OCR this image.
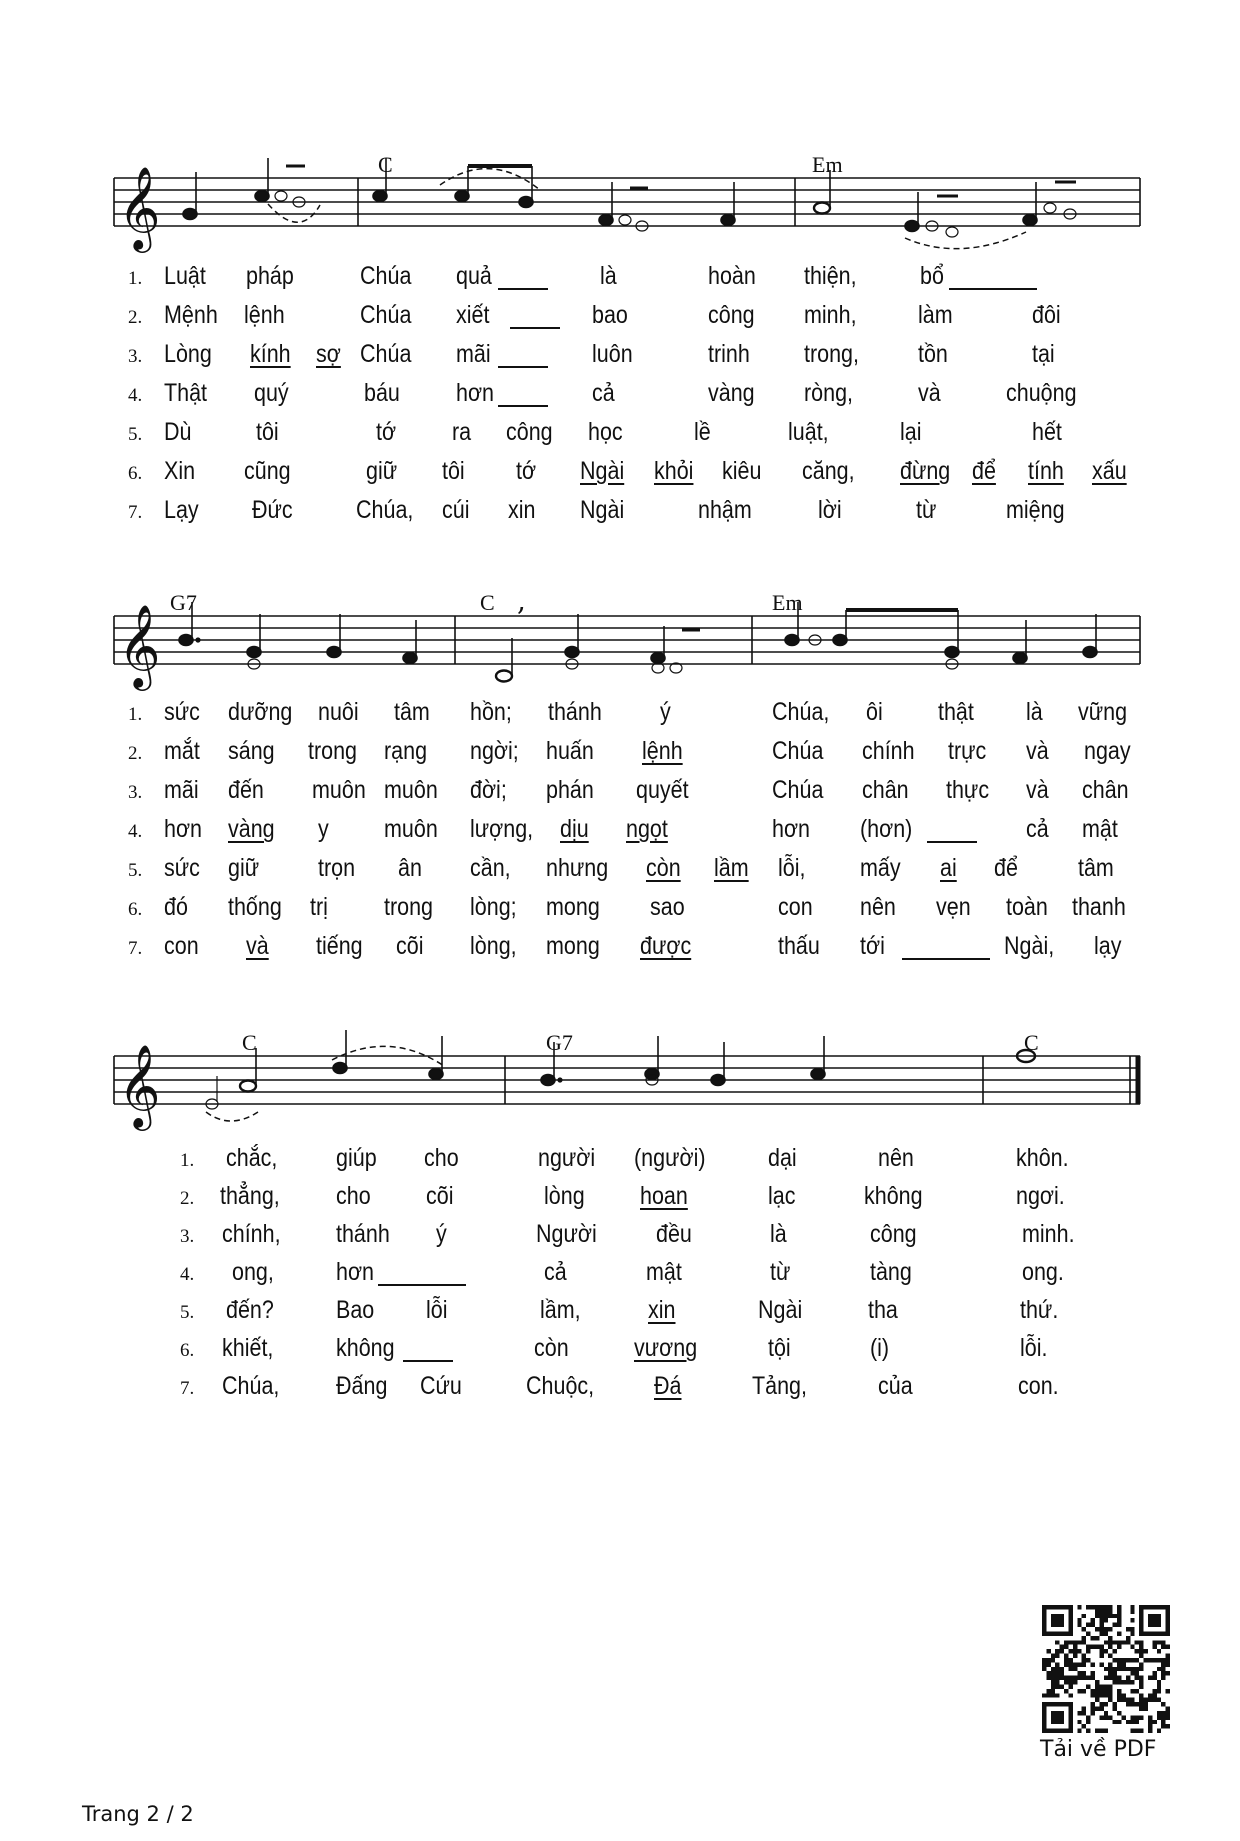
𝄞
1. Luật pháp	Chúa quả	là	hoàn thiện,	bổ
2. Mệnh lệnh	Chúa xiết	bao	công minh, làm	đôi
3. Lòng kính sợ Chúa mãi	luôn	trinh trong, tồn	tại
4. Thật quý	báu hơn	cả	vàng ròng,	và	chuộng
5. Dù	tôi	tớ ra công học	lề	luật,	lại	hết
6. Xin cũng	giữ tôi tớ Ngài khỏi kiêu căng, đừng để tính xấu
7. Lạy Đức	Chúa, cúi xin Ngài	nhậm	lời	từ	miệng
𝄞
,
1. sức dưỡng nuôi tâm hồn; thánh ý	Chúa, ôi thật là vững
2. mắt sáng trong rạng ngời; huấn lệnh	Chúa chính trực và ngay
3. mãi đến muôn muôn đời; phán quyết	Chúa chân thực và chân
4. hơn vàng y muôn lượng, dịu ngọt	hơn (hơn)	cả mật
5. sức giữ trọn ân cần, nhưng còn lầm lỗi, mấy ai để tâm
6. đó thống trị trong lòng; mong sao	con nên vẹn toàn thanh
7. con và tiếng cõi lòng, mong được	thấu tới	Ngài, lạy
𝄞
1. chắc, giúp cho	người (người) dại	nên	khôn.
2. thẳng, cho cõi	lòng hoan	lạc	không	ngơi.
3. chính, thánh ý	Người đều	là	công	minh.
4. ong, hơn	cả	mật	từ	tàng	ong.
5. đến? Bao lỗi	lầm,	xin	Ngài	tha	thứ.
6. khiết,	không	còn	vương	tội	(i)	lỗi.
7. Chúa, Đấng Cứu	Chuộc, Đá	Tảng,	của	con.
C	Em
G7	C	Em
C	G7	C
Tải về PDF
Trang 2 / 2
